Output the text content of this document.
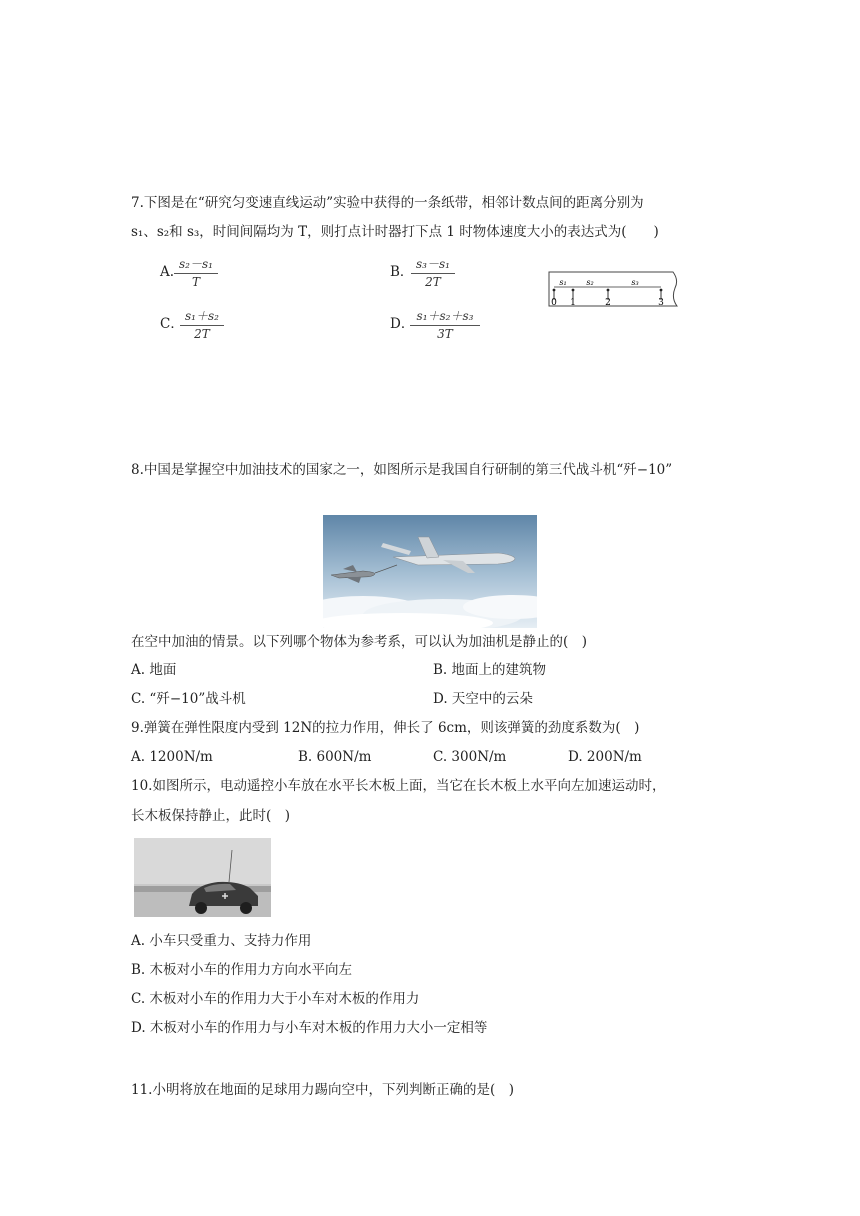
7.下图是在“研究匀变速直线运动”实验中获得的一条纸带，相邻计数点间的距离分别为
s₁、s₂和 s₃，时间间隔均为 T，则打点计时器打下点 1 时物体速度大小的表达式为(　　)
A. $\frac{\text{s₂－s₁}}{T}$	B．
$\frac{\text{s₃－s₁}}{2T}$
C．
$\frac{\text{s₁＋s₂}}{2T}$	D．
$\frac{\text{s₁＋s₂＋s₃}}{3T}$
s₁ s₂	s₃
0 1	2	3
8.中国是掌握空中加油技术的国家之一，如图所示是我国自行研制的第三代战斗机“歼−10”
在空中加油的情景。以下列哪个物体为参考系，可以认为加油机是静止的(　)
A. 地面	B. 地面上的建筑物
C. “歼−10”战斗机	D. 天空中的云朵
9.弹簧在弹性限度内受到 12N的拉力作用，伸长了 6cm，则该弹簧的劲度系数为(　)
A. 1200N/m	B. 600N/m	C. 300N/m	D. 200N/m
10.如图所示，电动遥控小车放在水平长木板上面，当它在长木板上水平向左加速运动时，
长木板保持静止，此时(　)
A. 小车只受重力、支持力作用
B. 木板对小车的作用力方向水平向左
C. 木板对小车的作用力大于小车对木板的作用力
D. 木板对小车的作用力与小车对木板的作用力大小一定相等
11.小明将放在地面的足球用力踢向空中，下列判断正确的是(　)
